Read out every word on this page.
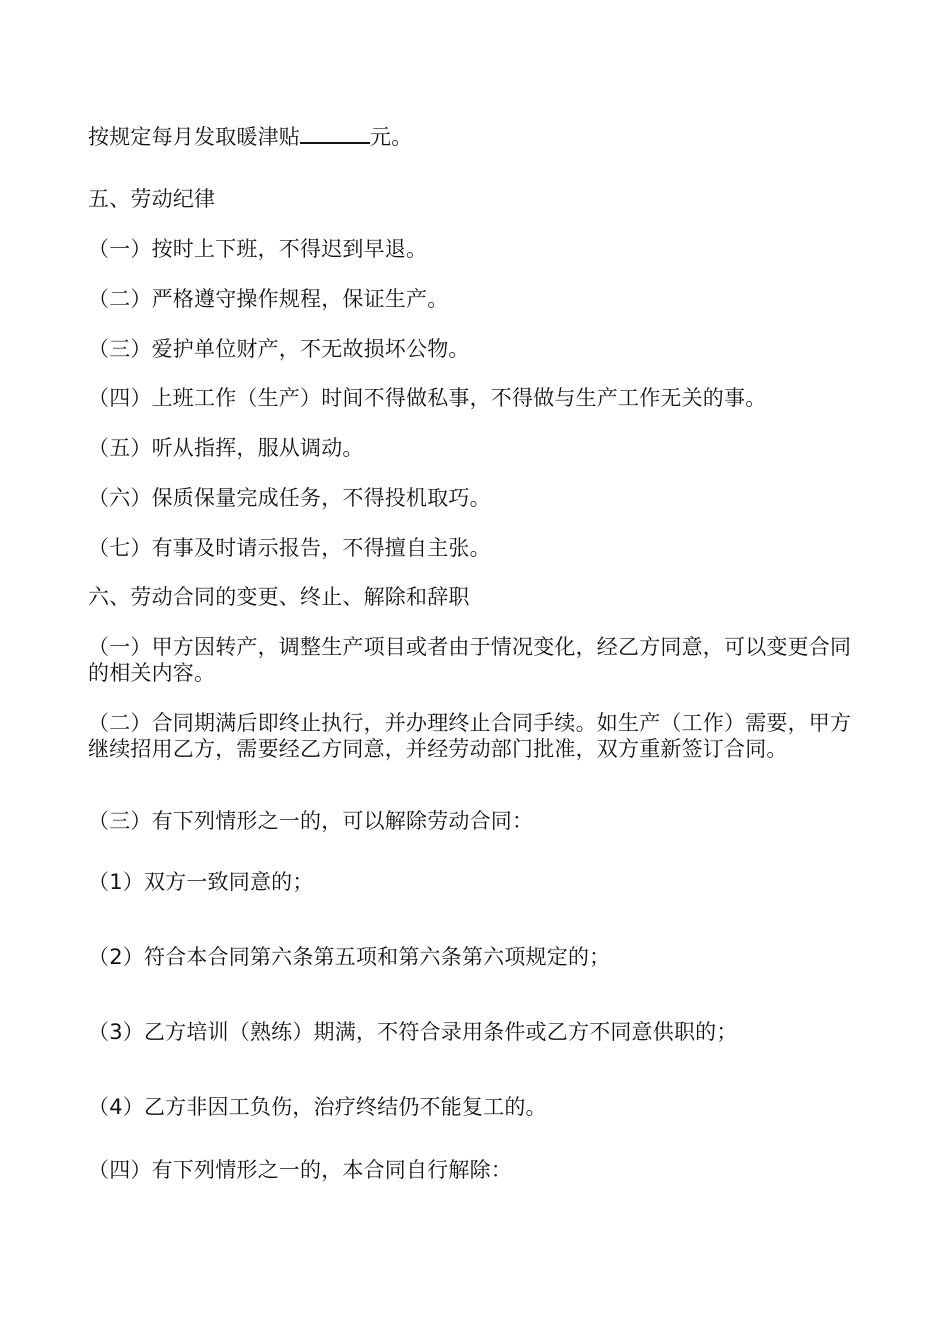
按规定每月发取暖津贴	元。
五、劳动纪律
（一）按时上下班，不得迟到早退。
（二）严格遵守操作规程，保证生产。
（三）爱护单位财产，不无故损坏公物。
（四）上班工作（生产）时间不得做私事，不得做与生产工作无关的事。
（五）听从指挥，服从调动。
（六）保质保量完成任务，不得投机取巧。
（七）有事及时请示报告，不得擅自主张。
六、劳动合同的变更、终止、解除和辞职
（一）甲方因转产，调整生产项目或者由于情况变化，经乙方同意，可以变更合同的相关内容。
（二）合同期满后即终止执行，并办理终止合同手续。如生产（工作）需要，甲方继续招用乙方，需要经乙方同意，并经劳动部门批准，双方重新签订合同。
（三）有下列情形之一的，可以解除劳动合同：
（1）双方一致同意的；
（2）符合本合同第六条第五项和第六条第六项规定的；
（3）乙方培训（熟练）期满，不符合录用条件或乙方不同意供职的；
（4）乙方非因工负伤，治疗终结仍不能复工的。
（四）有下列情形之一的，本合同自行解除：
